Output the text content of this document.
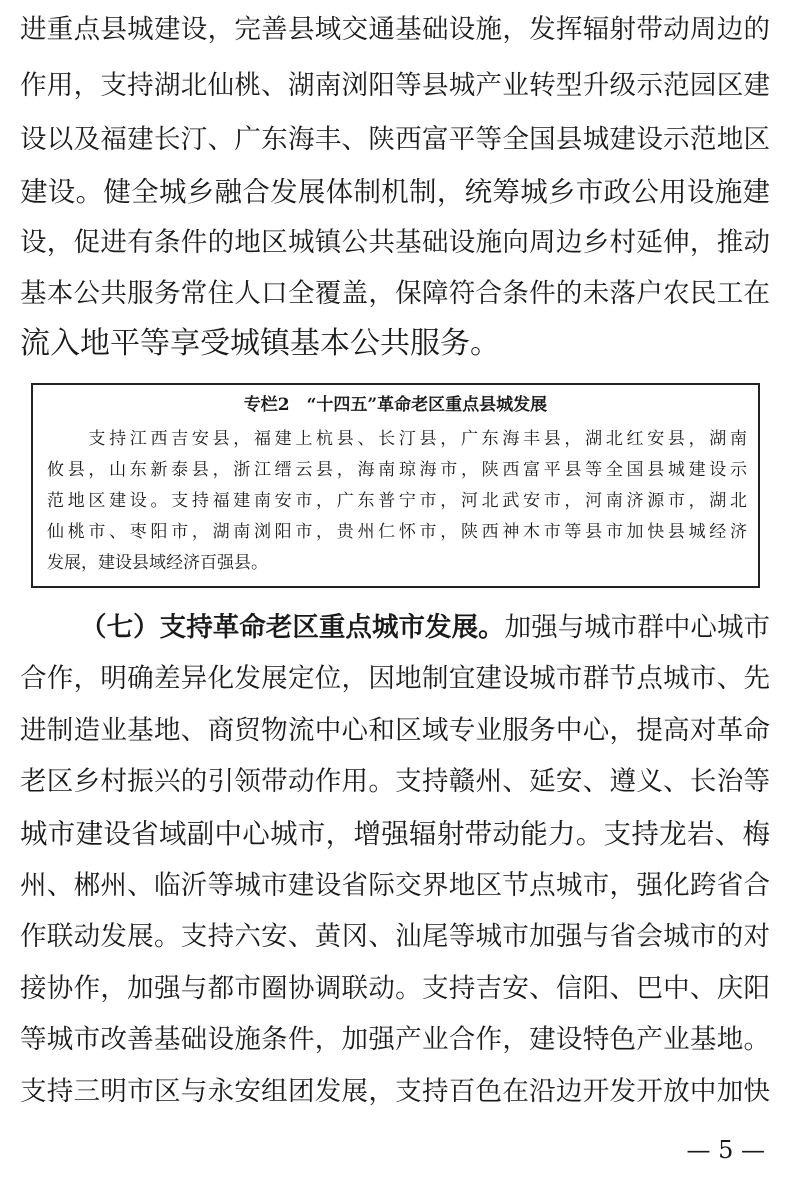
进重点县城建设，完善县域交通基础设施，发挥辐射带动周边的
作用，支持湖北仙桃、湖南浏阳等县城产业转型升级示范园区建
设以及福建长汀、广东海丰、陕西富平等全国县城建设示范地区
建设。健全城乡融合发展体制机制，统筹城乡市政公用设施建
设，促进有条件的地区城镇公共基础设施向周边乡村延伸，推动
基本公共服务常住人口全覆盖，保障符合条件的未落户农民工在
流入地平等享受城镇基本公共服务。
专栏2　“十四五”革命老区重点县城发展
　　支持江西吉安县，福建上杭县、长汀县，广东海丰县，湖北红安县，湖南
攸县，山东新泰县，浙江缙云县，海南琼海市，陕西富平县等全国县城建设示
范地区建设。支持福建南安市，广东普宁市，河北武安市，河南济源市，湖北
仙桃市、枣阳市，湖南浏阳市，贵州仁怀市，陕西神木市等县市加快县城经济
发展，建设县域经济百强县。
（七）支持革命老区重点城市发展。加强与城市群中心城市
合作，明确差异化发展定位，因地制宜建设城市群节点城市、先
进制造业基地、商贸物流中心和区域专业服务中心，提高对革命
老区乡村振兴的引领带动作用。支持赣州、延安、遵义、长治等
城市建设省域副中心城市，增强辐射带动能力。支持龙岩、梅
州、郴州、临沂等城市建设省际交界地区节点城市，强化跨省合
作联动发展。支持六安、黄冈、汕尾等城市加强与省会城市的对
接协作，加强与都市圈协调联动。支持吉安、信阳、巴中、庆阳
等城市改善基础设施条件，加强产业合作，建设特色产业基地。
支持三明市区与永安组团发展，支持百色在沿边开发开放中加快
— 5 —
